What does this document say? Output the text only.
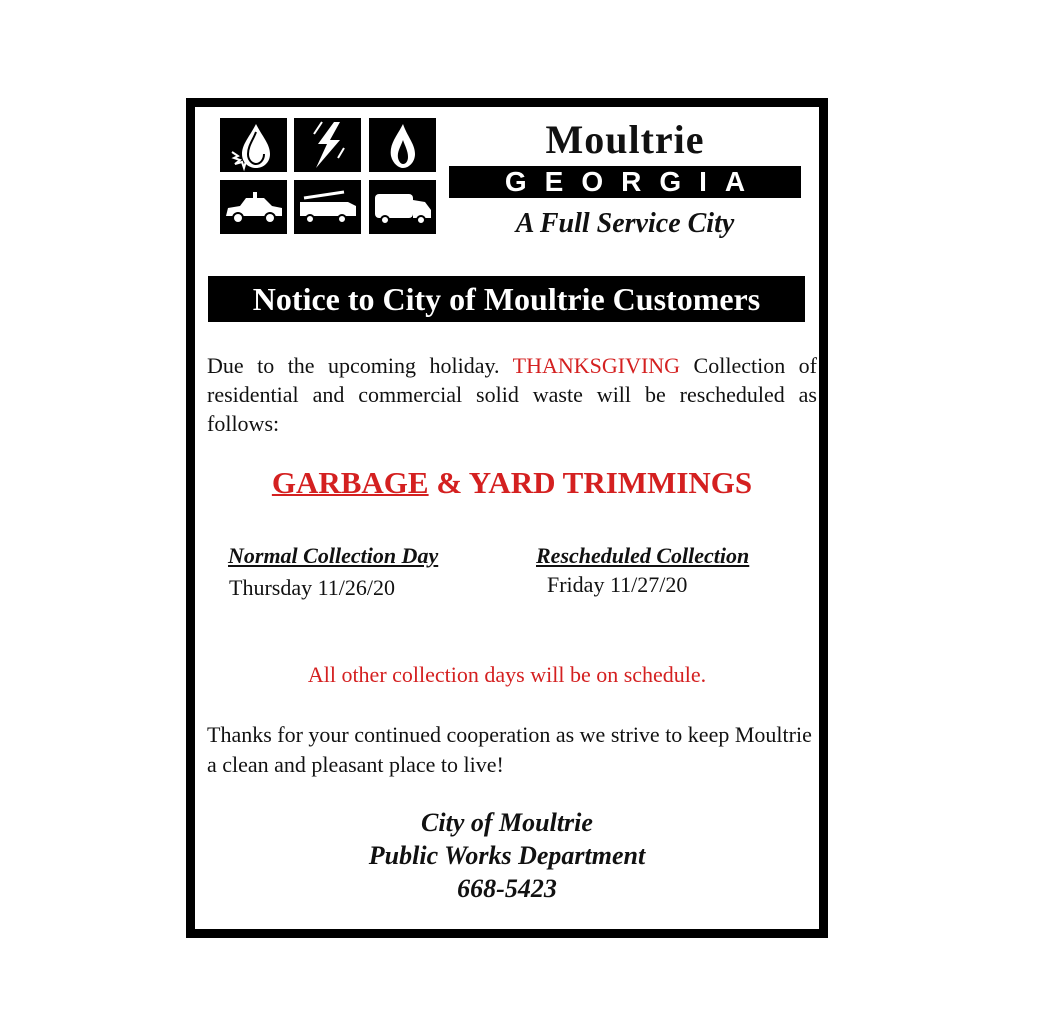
Moultrie
GEORGIA
A Full Service City
Notice to City of Moultrie Customers
Due to the upcoming holiday. THANKSGIVING Collection of residential and commercial solid waste will be rescheduled as follows:
GARBAGE & YARD TRIMMINGS
Normal Collection Day
Thursday 11/26/20
Rescheduled Collection
Friday 11/27/20
All other collection days will be on schedule.
Thanks for your continued cooperation as we strive to keep Moultrie a clean and pleasant place to live!
City of Moultrie
Public Works Department
668-5423
